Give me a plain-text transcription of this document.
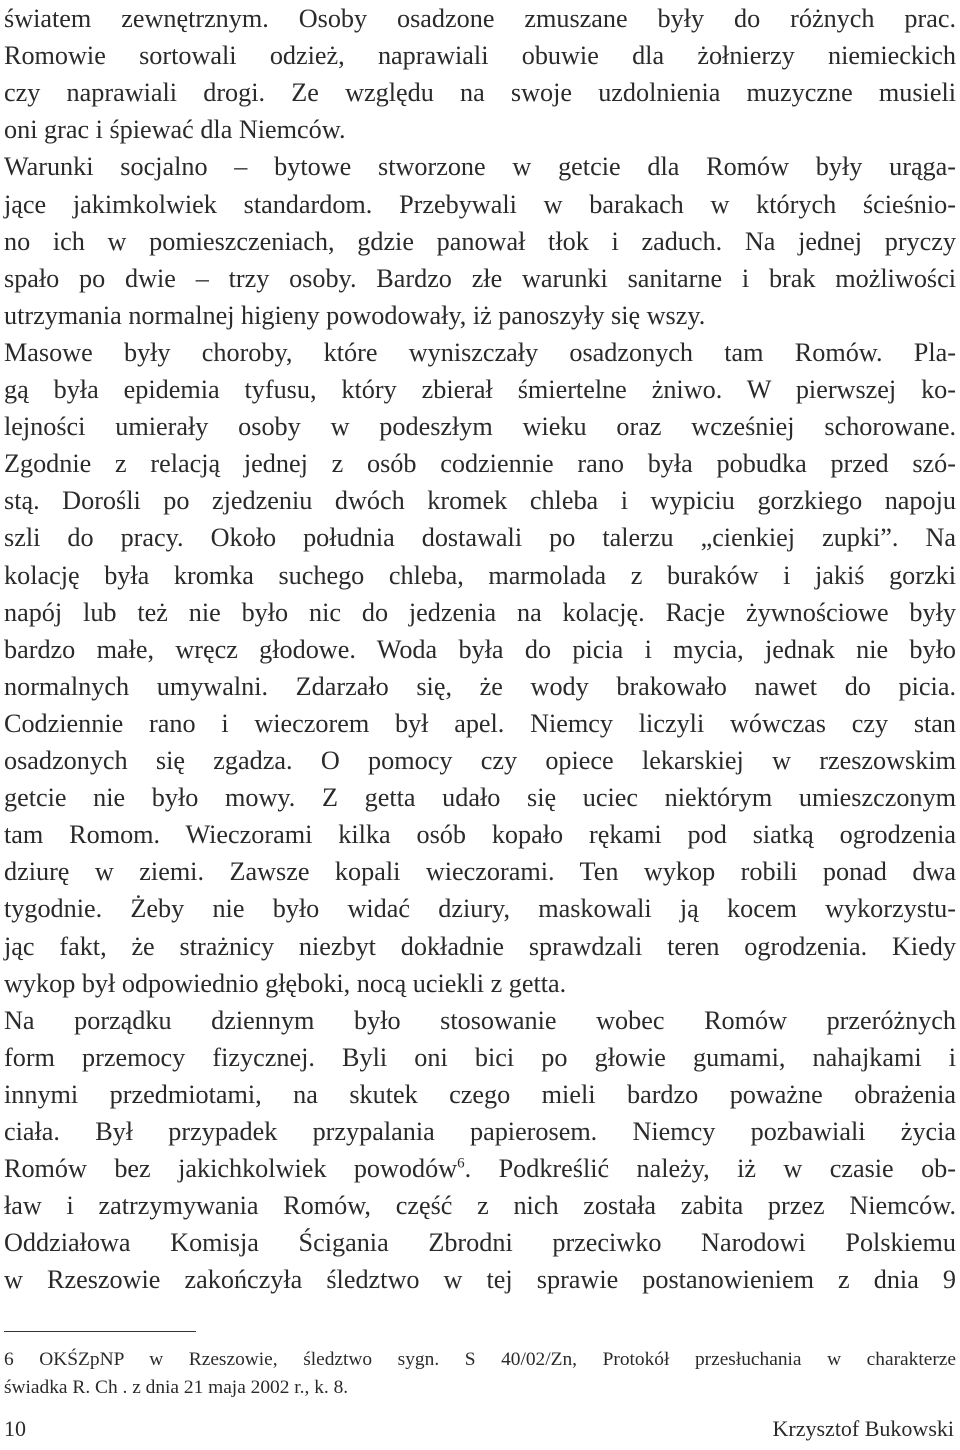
światem zewnętrznym. Osoby osadzone zmuszane były do różnych prac.
Romowie sortowali odzież, naprawiali obuwie dla żołnierzy niemieckich
czy naprawiali drogi. Ze względu na swoje uzdolnienia muzyczne musieli
oni grac i śpiewać dla Niemców.
Warunki socjalno – bytowe stworzone w getcie dla Romów były urąga-
jące jakimkolwiek standardom. Przebywali w barakach w których ścieśnio-
no ich w pomieszczeniach, gdzie panował tłok i zaduch. Na jednej pryczy
spało po dwie – trzy osoby. Bardzo złe warunki sanitarne i brak możliwości
utrzymania normalnej higieny powodowały, iż panoszyły się wszy.
Masowe były choroby, które wyniszczały osadzonych tam Romów. Pla-
gą była epidemia tyfusu, który zbierał śmiertelne żniwo. W pierwszej ko-
lejności umierały osoby w podeszłym wieku oraz wcześniej schorowane.
Zgodnie z relacją jednej z osób codziennie rano była pobudka przed szó-
stą. Dorośli po zjedzeniu dwóch kromek chleba i wypiciu gorzkiego napoju
szli do pracy. Około południa dostawali po talerzu „cienkiej zupki”. Na
kolację była kromka suchego chleba, marmolada z buraków i jakiś gorzki
napój lub też nie było nic do jedzenia na kolację. Racje żywnościowe były
bardzo małe, wręcz głodowe. Woda była do picia i mycia, jednak nie było
normalnych umywalni. Zdarzało się, że wody brakowało nawet do picia.
Codziennie rano i wieczorem był apel. Niemcy liczyli wówczas czy stan
osadzonych się zgadza. O pomocy czy opiece lekarskiej w rzeszowskim
getcie nie było mowy. Z getta udało się uciec niektórym umieszczonym
tam Romom. Wieczorami kilka osób kopało rękami pod siatką ogrodzenia
dziurę w ziemi. Zawsze kopali wieczorami. Ten wykop robili ponad dwa
tygodnie. Żeby nie było widać dziury, maskowali ją kocem wykorzystu-
jąc fakt, że strażnicy niezbyt dokładnie sprawdzali teren ogrodzenia. Kiedy
wykop był odpowiednio głęboki, nocą uciekli z getta.
Na porządku dziennym było stosowanie wobec Romów przeróżnych
form przemocy fizycznej. Byli oni bici po głowie gumami, nahajkami i
innymi przedmiotami, na skutek czego mieli bardzo poważne obrażenia
ciała. Był przypadek przypalania papierosem. Niemcy pozbawiali życia
Romów bez jakichkolwiek powodów$^6$. Podkreślić należy, iż w czasie ob-
ław i zatrzymywania Romów, część z nich została zabita przez Niemców.
Oddziałowa Komisja Ścigania Zbrodni przeciwko Narodowi Polskiemu
w Rzeszowie zakończyła śledztwo w tej sprawie postanowieniem z dnia 9
6 OKŚZpNP w Rzeszowie, śledztwo sygn. S 40/02/Zn, Protokół przesłuchania w charakterze
świadka R. Ch . z dnia 21 maja 2002 r., k. 8.
10	Krzysztof Bukowski
